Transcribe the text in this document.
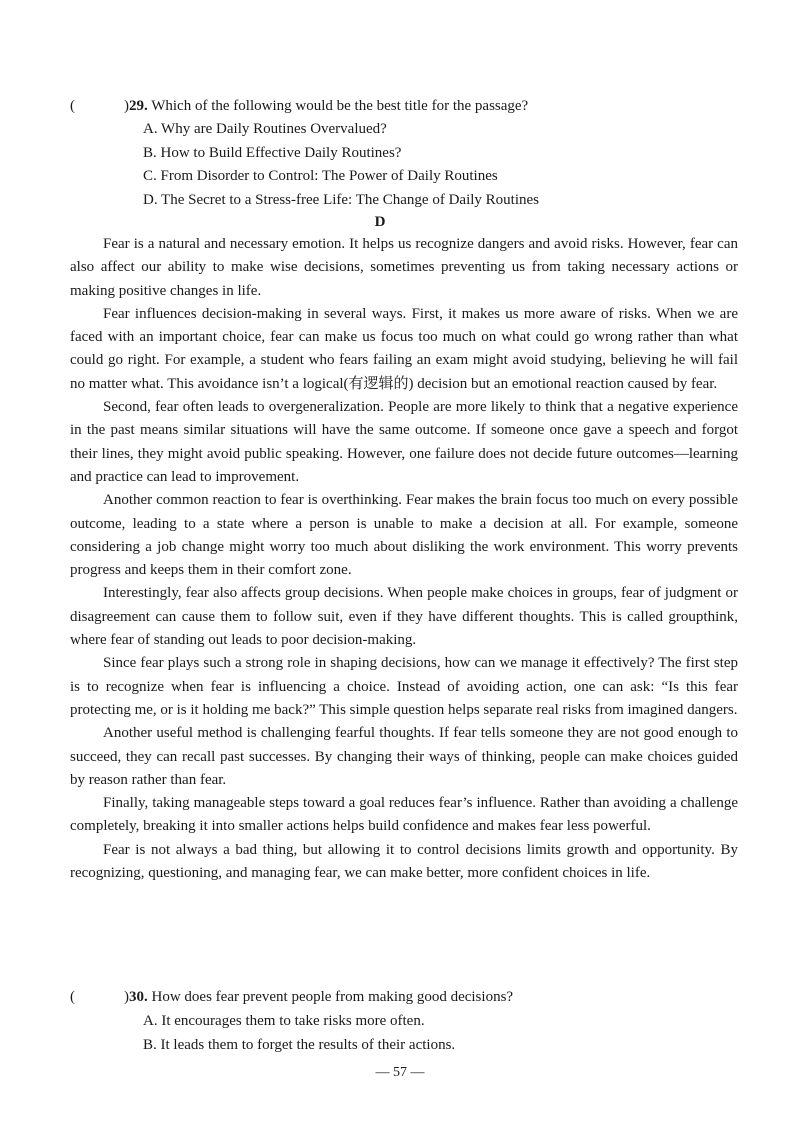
(	)29. Which of the following would be the best title for the passage?
A. Why are Daily Routines Overvalued?
B. How to Build Effective Daily Routines?
C. From Disorder to Control: The Power of Daily Routines
D. The Secret to a Stress-free Life: The Change of Daily Routines
D

Fear is a natural and necessary emotion. It helps us recognize dangers and avoid risks. However, fear can also affect our ability to make wise decisions, sometimes preventing us from taking necessary actions or making positive changes in life.

Fear influences decision-making in several ways. First, it makes us more aware of risks. When we are faced with an important choice, fear can make us focus too much on what could go wrong rather than what could go right. For example, a student who fears failing an exam might avoid studying, believing he will fail no matter what. This avoidance isn’t a logical(有逻辑的) decision but an emotional reaction caused by fear.

Second, fear often leads to overgeneralization. People are more likely to think that a negative experience in the past means similar situations will have the same outcome. If someone once gave a speech and forgot their lines, they might avoid public speaking. However, one failure does not decide future outcomes—learning and practice can lead to improvement.

Another common reaction to fear is overthinking. Fear makes the brain focus too much on every possible outcome, leading to a state where a person is unable to make a decision at all. For example, someone considering a job change might worry too much about disliking the work environment. This worry prevents progress and keeps them in their comfort zone.

Interestingly, fear also affects group decisions. When people make choices in groups, fear of judgment or disagreement can cause them to follow suit, even if they have different thoughts. This is called groupthink, where fear of standing out leads to poor decision-making.

Since fear plays such a strong role in shaping decisions, how can we manage it effectively? The first step is to recognize when fear is influencing a choice. Instead of avoiding action, one can ask: “Is this fear protecting me, or is it holding me back?” This simple question helps separate real risks from imagined dangers.

Another useful method is challenging fearful thoughts. If fear tells someone they are not good enough to succeed, they can recall past successes. By changing their ways of thinking, people can make choices guided by reason rather than fear.

Finally, taking manageable steps toward a goal reduces fear’s influence. Rather than avoiding a challenge completely, breaking it into smaller actions helps build confidence and makes fear less powerful.

Fear is not always a bad thing, but allowing it to control decisions limits growth and opportunity. By recognizing, questioning, and managing fear, we can make better, more confident choices in life.

(	)30. How does fear prevent people from making good decisions?
A. It encourages them to take risks more often.
B. It leads them to forget the results of their actions.
— 57 —
